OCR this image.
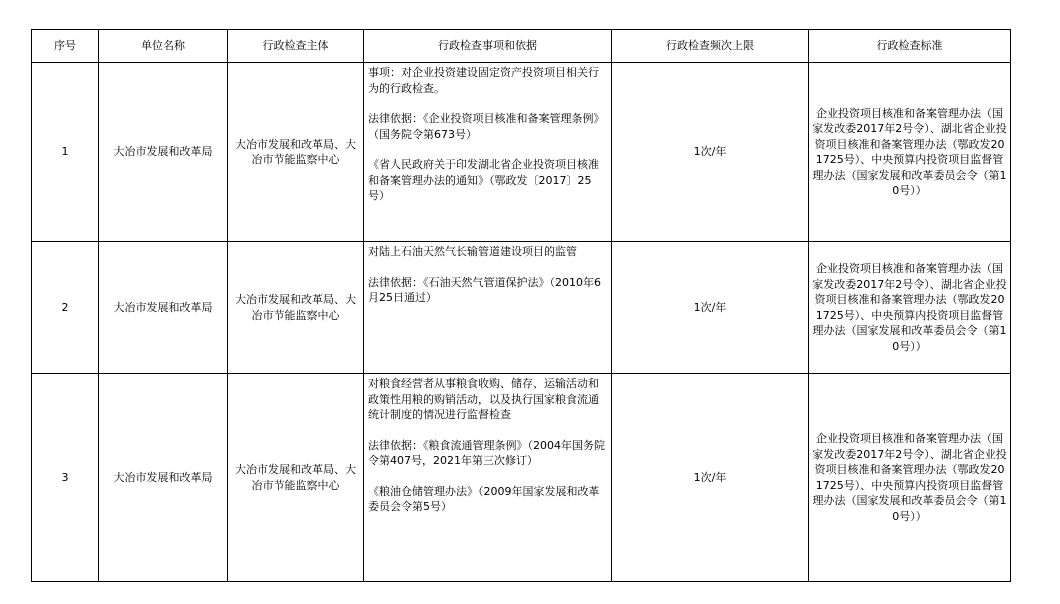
序号	单位名称	行政检查主体	行政检查事项和依据	行政检查频次上限	行政检查标准
1	大冶市发展和改革局	大冶市发展和改革局、大冶市节能监察中心	事项：对企业投资建设固定资产投资项目相关行为的行政检查。
法律依据：《企业投资项目核准和备案管理条例》（国务院令第673号）
《省人民政府关于印发湖北省企业投资项目核准和备案管理办法的通知》（鄂政发〔2017〕25号）	1次/年	企业投资项目核准和备案管理办法（国家发改委2017年2号令）、湖北省企业投资项目核准和备案管理办法（鄂政发201725号）、中央预算内投资项目监督管理办法（国家发展和改革委员会令（第10号））
2	大冶市发展和改革局	大冶市发展和改革局、大冶市节能监察中心	对陆上石油天然气长输管道建设项目的监管
法律依据：《石油天然气管道保护法》（2010年6月25日通过）	1次/年	企业投资项目核准和备案管理办法（国家发改委2017年2号令）、湖北省企业投资项目核准和备案管理办法（鄂政发201725号）、中央预算内投资项目监督管理办法（国家发展和改革委员会令（第10号））
3	大冶市发展和改革局	大冶市发展和改革局、大冶市节能监察中心	对粮食经营者从事粮食收购、储存、运输活动和政策性用粮的购销活动，以及执行国家粮食流通统计制度的情况进行监督检查
法律依据：《粮食流通管理条例》（2004年国务院令第407号，2021年第三次修订）
《粮油仓储管理办法》（2009年国家发展和改革委员会令第5号）	1次/年	企业投资项目核准和备案管理办法（国家发改委2017年2号令）、湖北省企业投资项目核准和备案管理办法（鄂政发201725号）、中央预算内投资项目监督管理办法（国家发展和改革委员会令（第10号））
